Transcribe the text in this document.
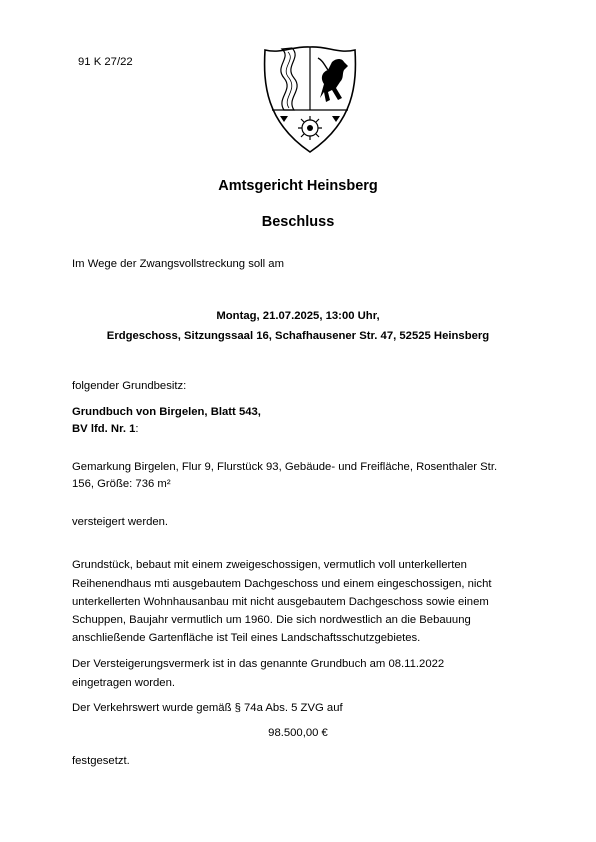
91 K 27/22
Amtsgericht Heinsberg
Beschluss
Im Wege der Zwangsvollstreckung soll am
Montag, 21.07.2025, 13:00 Uhr,
Erdgeschoss, Sitzungssaal 16, Schafhausener Str. 47, 52525 Heinsberg
folgender Grundbesitz:
Grundbuch von Birgelen, Blatt 543,
BV lfd. Nr. 1:
Gemarkung Birgelen, Flur 9, Flurstück 93, Gebäude- und Freifläche, Rosenthaler Str.
156, Größe: 736 m²
versteigert werden.
Grundstück, bebaut mit einem zweigeschossigen, vermutlich voll unterkellerten
Reihenendhaus mti ausgebautem Dachgeschoss und einem eingeschossigen, nicht
unterkellerten Wohnhausanbau mit nicht ausgebautem Dachgeschoss sowie einem
Schuppen, Baujahr vermutlich um 1960. Die sich nordwestlich an die Bebauung
anschließende Gartenfläche ist Teil eines Landschaftsschutzgebietes.
Der Versteigerungsvermerk ist in das genannte Grundbuch am 08.11.2022
eingetragen worden.
Der Verkehrswert wurde gemäß § 74a Abs. 5 ZVG auf
98.500,00 €
festgesetzt.
